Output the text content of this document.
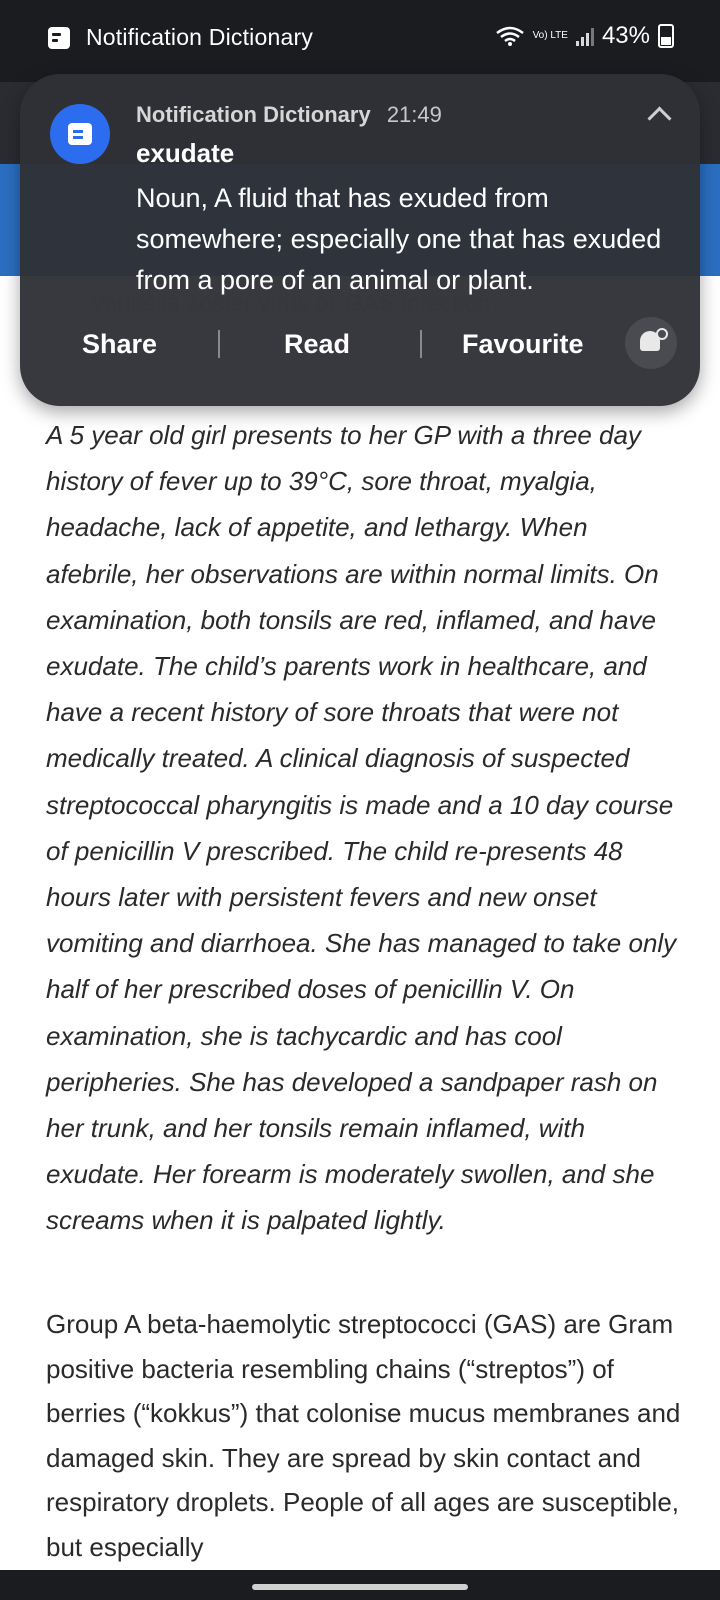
Notification Dictionary	Vo) LTE 43%
Notification Dictionary 21:49
exudate
Noun, A fluid that has exuded from somewhere; especially one that has exuded from a pore of an animal or plant.
Share	Read	Favourite

A 5 year old girl presents to her GP with a three day history of fever up to 39°C, sore throat, myalgia, headache, lack of appetite, and lethargy. When afebrile, her observations are within normal limits. On examination, both tonsils are red, inflamed, and have exudate. The child’s parents work in healthcare, and have a recent history of sore throats that were not medically treated. A clinical diagnosis of suspected streptococcal pharyngitis is made and a 10 day course of penicillin V prescribed. The child re-presents 48 hours later with persistent fevers and new onset vomiting and diarrhoea. She has managed to take only half of her prescribed doses of penicillin V. On examination, she is tachycardic and has cool peripheries. She has developed a sandpaper rash on her trunk, and her tonsils remain inflamed, with exudate. Her forearm is moderately swollen, and she screams when it is palpated lightly.

Group A beta-haemolytic streptococci (GAS) are Gram positive bacteria resembling chains (“streptos”) of berries (“kokkus”) that colonise mucus membranes and damaged skin. They are spread by skin contact and respiratory droplets. People of all ages are susceptible, but especially
